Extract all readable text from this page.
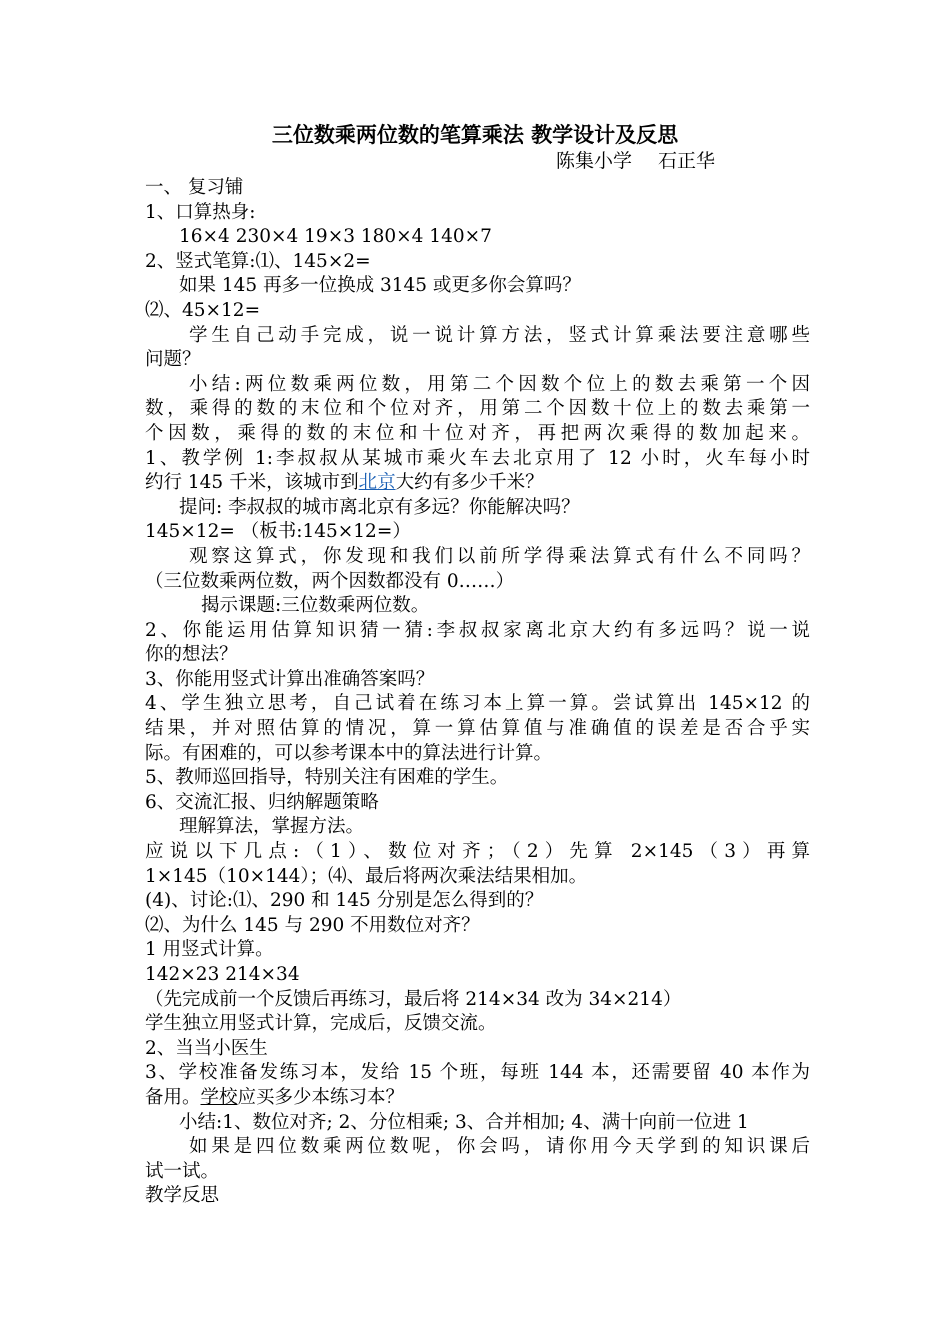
三位数乘两位数的笔算乘法 教学设计及反思
陈集小学 石正华
一、 复习铺
1、口算热身:
16×4 230×4 19×3 180×4 140×7
2、竖式笔算:⑴、145×2=
如果 145 再多一位换成 3145 或更多你会算吗？
⑵、45×12=
学生自己动手完成，说一说计算方法，竖式计算乘法要注意哪些
问题？
小结:两位数乘两位数，用第二个因数个位上的数去乘第一个因
数，乘得的数的末位和个位对齐，用第二个因数十位上的数去乘第一
个因数，乘得的数的末位和十位对齐，再把两次乘得的数加起来。
1、教学例 1:李叔叔从某城市乘火车去北京用了 12 小时，火车每小时
约行 145 千米，该城市到北京大约有多少千米？
提问: 李叔叔的城市离北京有多远？你能解决吗？
145×12= （板书:145×12=）
观察这算式，你发现和我们以前所学得乘法算式有什么不同吗？
（三位数乘两位数，两个因数都没有 0……）
揭示课题:三位数乘两位数。
2、你能运用估算知识猜一猜:李叔叔家离北京大约有多远吗？说一说
你的想法？
3、你能用竖式计算出准确答案吗？
4、学生独立思考，自己试着在练习本上算一算。尝试算出 145×12 的
结果，并对照估算的情况，算一算估算值与准确值的误差是否合乎实
际。有困难的，可以参考课本中的算法进行计算。
5、教师巡回指导，特别关注有困难的学生。
6、交流汇报、归纳解题策略
理解算法，掌握方法。
应说以下几点:（1）、数位对齐；（2）先算 2×145（3）再算
1×145（10×144）；⑷、最后将两次乘法结果相加。
(4)、讨论:⑴、290 和 145 分别是怎么得到的？
⑵、为什么 145 与 290 不用数位对齐？
1 用竖式计算。
142×23 214×34
（先完成前一个反馈后再练习，最后将 214×34 改为 34×214）
学生独立用竖式计算，完成后，反馈交流。
2、当当小医生
3、学校准备发练习本，发给 15 个班，每班 144 本，还需要留 40 本作为
备用。学校应买多少本练习本？
小结:1、数位对齐; 2、分位相乘; 3、合并相加; 4、满十向前一位进 1
如果是四位数乘两位数呢，你会吗，请你用今天学到的知识课后
试一试。
教学反思
